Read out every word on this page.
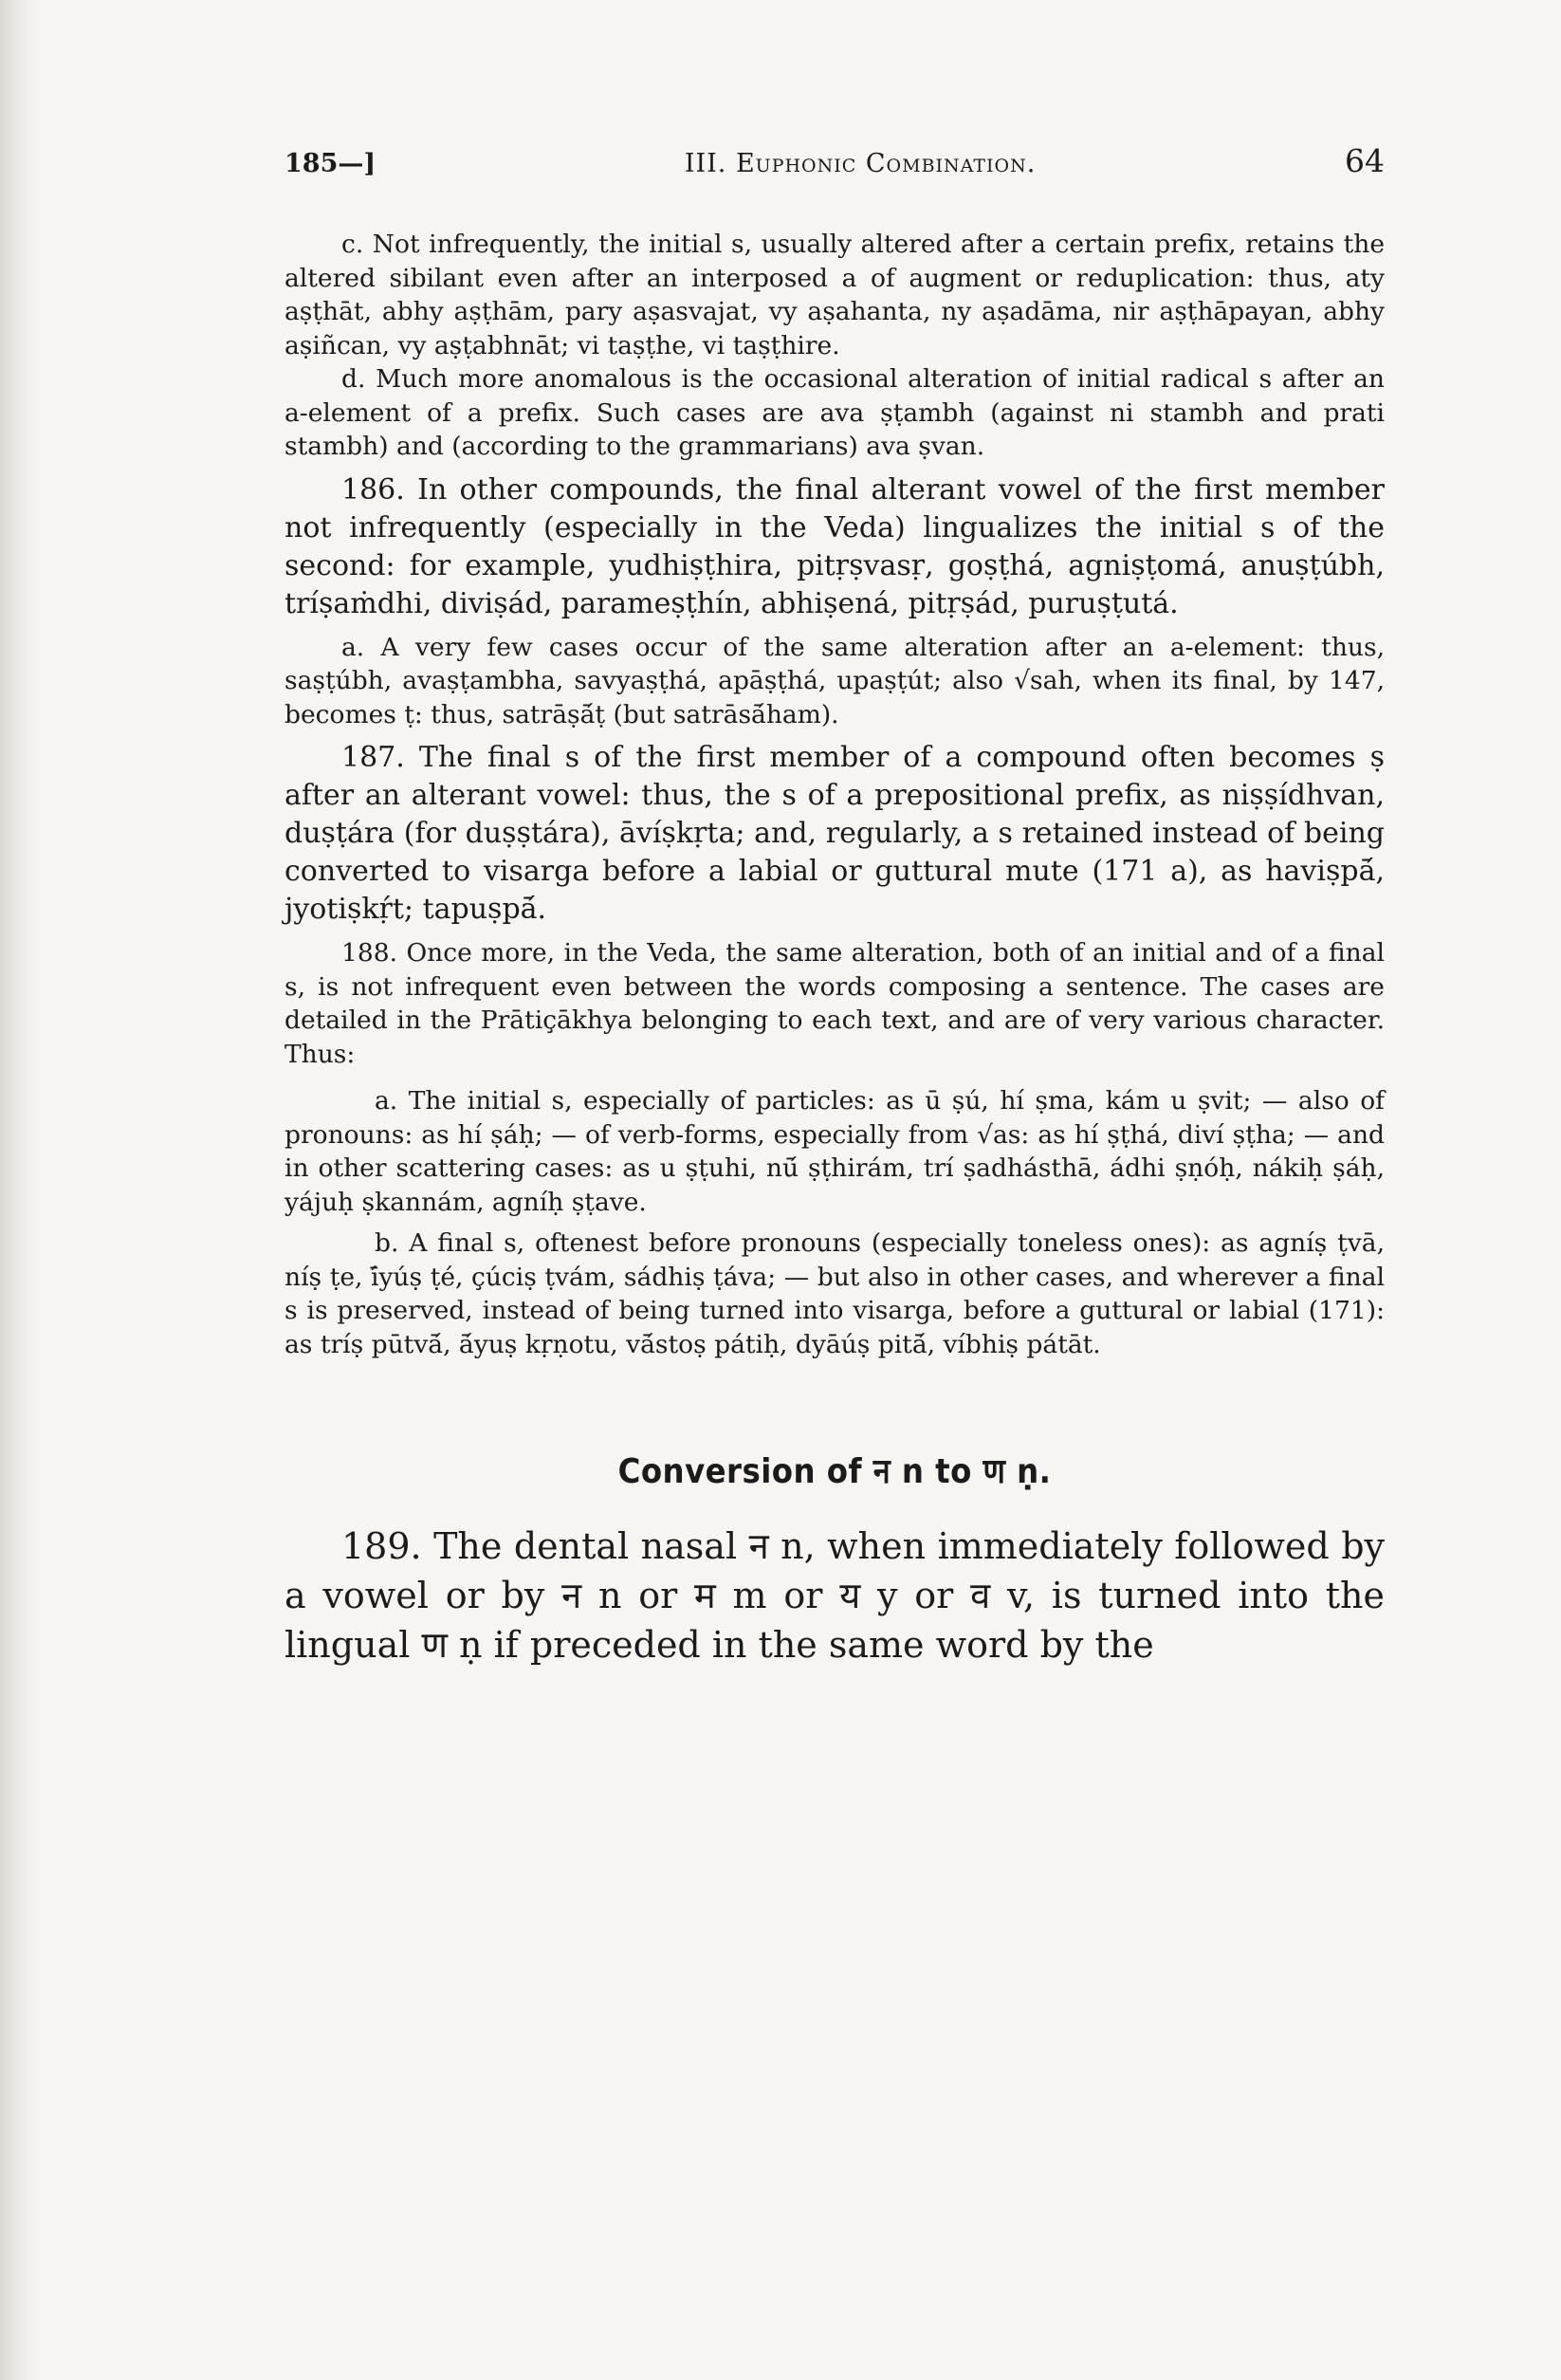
185—]	III. Euphonic Combination.	64

c. Not infrequently, the initial s, usually altered after a certain prefix, retains the altered sibilant even after an interposed a of augment or reduplication: thus, aty aṣṭhāt, abhy aṣṭhām, pary aṣasvajat, vy aṣahanta, ny aṣadāma, nir aṣṭhāpayan, abhy aṣiñcan, vy aṣṭabhnāt; vi taṣṭhe, vi taṣṭhire.

d. Much more anomalous is the occasional alteration of initial radical s after an a-element of a prefix. Such cases are ava ṣṭambh (against ni stambh and prati stambh) and (according to the grammarians) ava ṣvan.

186. In other compounds, the final alterant vowel of the first member not infrequently (especially in the Veda) lingualizes the initial s of the second: for example, yudhiṣṭhira, pitṛṣvasṛ, goṣṭhá, agniṣṭomá, anuṣṭúbh, tríṣaṁdhi, diviṣád, parameṣṭhín, abhiṣená, pitṛṣád, puruṣṭutá.

a. A very few cases occur of the same alteration after an a-element: thus, saṣṭúbh, avaṣṭambha, savyaṣṭhá, apāṣṭhá, upaṣṭút; also √sah, when its final, by 147, becomes ṭ: thus, satrāṣā́ṭ (but satrāsā́ham).

187. The final s of the first member of a compound often becomes ṣ after an alterant vowel: thus, the s of a prepositional prefix, as niṣṣídhvan, duṣṭára (for duṣṣtára), āvíṣkṛta; and, regularly, a s retained instead of being converted to visarga before a labial or guttural mute (171 a), as haviṣpā́, jyotiṣkṛ́t; tapuṣpā́.

188. Once more, in the Veda, the same alteration, both of an initial and of a final s, is not infrequent even between the words composing a sentence. The cases are detailed in the Prātiçākhya belonging to each text, and are of very various character. Thus:

a. The initial s, especially of particles: as ū ṣú, hí ṣma, kám u ṣvit; — also of pronouns: as hí ṣáḥ; — of verb-forms, especially from √as: as hí ṣṭhá, diví ṣṭha; — and in other scattering cases: as u ṣṭuhi, nū́ ṣṭhirám, trí ṣadhásthā, ádhi ṣṇóḥ, nákiḥ ṣáḥ, yájuḥ ṣkannám, agníḥ ṣṭave.

b. A final s, oftenest before pronouns (especially toneless ones): as agníṣ ṭvā, níṣ ṭe, ī́yúṣ ṭé, çúciṣ ṭvám, sádhiṣ ṭáva; — but also in other cases, and wherever a final s is preserved, instead of being turned into visarga, before a guttural or labial (171): as tríṣ pūtvā́, ā́yuṣ kṛṇotu, vā́stoṣ pátiḥ, dyāúṣ pitā́, víbhiṣ pátāt.

Conversion of न n to ण ṇ.

189. The dental nasal न n, when immediately followed by a vowel or by न n or म m or य y or व v, is turned into the lingual ण ṇ if preceded in the same word by the
